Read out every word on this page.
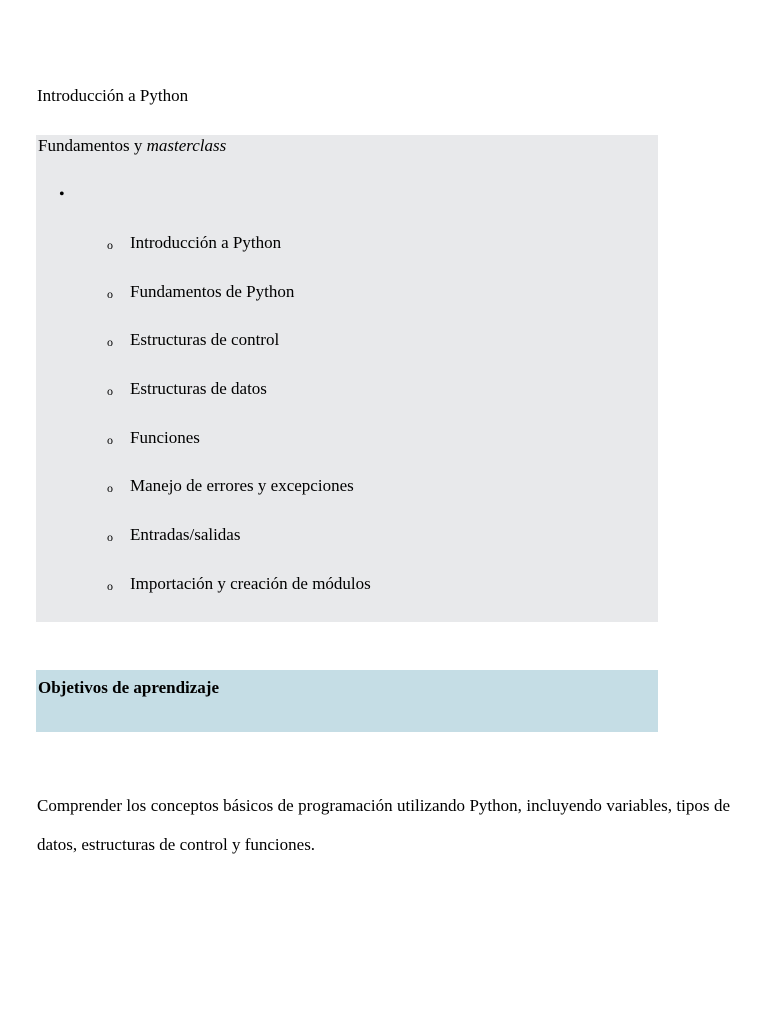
Introducción a Python
Fundamentos y masterclass
•
o Introducción a Python
o Fundamentos de Python
o Estructuras de control
o Estructuras de datos
o Funciones
o Manejo de errores y excepciones
o Entradas/salidas
o Importación y creación de módulos
Objetivos de aprendizaje

Comprender los conceptos básicos de programación utilizando Python, incluyendo variables, tipos de datos, estructuras de control y funciones.
